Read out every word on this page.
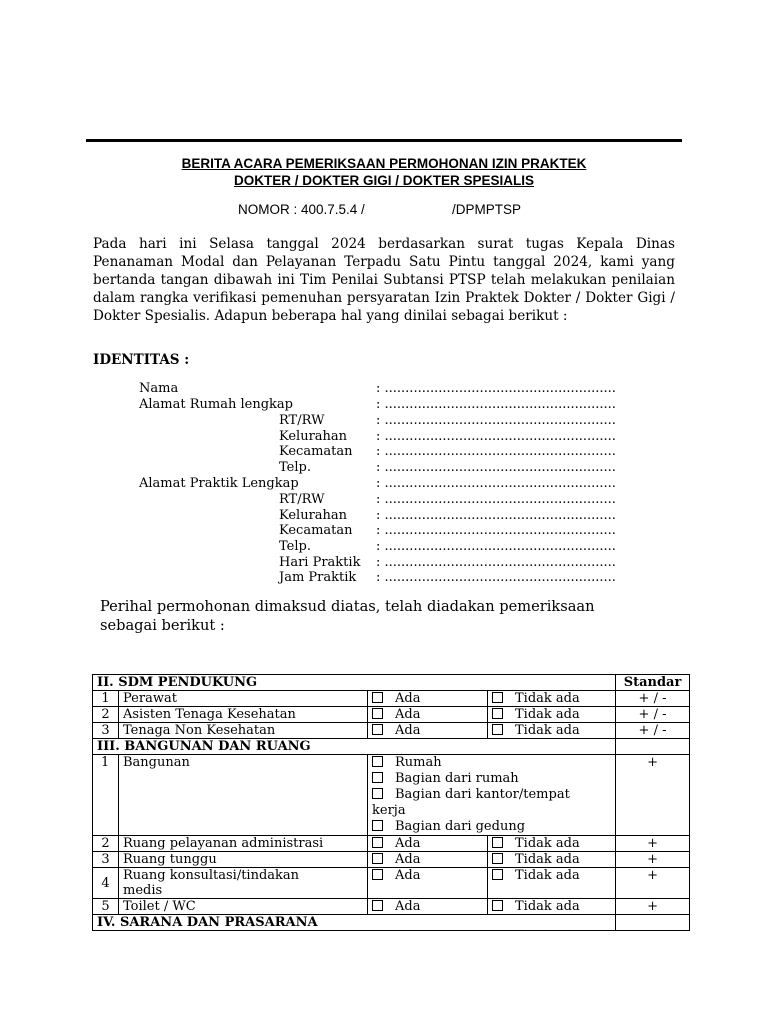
BERITA ACARA PEMERIKSAAN PERMOHONAN IZIN PRAKTEK
DOKTER / DOKTER GIGI / DOKTER SPESIALIS
NOMOR : 400.7.5.4 /	/DPMPTSP
Pada hari ini Selasa tanggal 2024 berdasarkan surat tugas Kepala Dinas Penanaman Modal dan Pelayanan Terpadu Satu Pintu tanggal 2024, kami yang bertanda tangan dibawah ini Tim Penilai Subtansi PTSP telah melakukan penilaian dalam rangka verifikasi pemenuhan persyaratan Izin Praktek Dokter / Dokter Gigi / Dokter Spesialis. Adapun beberapa hal yang dinilai sebagai berikut :
IDENTITAS :
Nama	: ........................................................
Alamat Rumah lengkap	: ........................................................
RT/RW	: ........................................................
Kelurahan : ........................................................
Kecamatan : ........................................................
Telp.	: ........................................................
Alamat Praktik Lengkap	: ........................................................
RT/RW	: ........................................................
Kelurahan : ........................................................
Kecamatan : ........................................................
Telp.	: ........................................................
Hari Praktik : ........................................................
Jam Praktik : ........................................................
Perihal permohonan dimaksud diatas, telah diadakan pemeriksaan sebagai berikut :
II. SDM PENDUKUNG				Standar
1	Perawat	Ada	Tidak ada	+ / -
2	Asisten Tenaga Kesehatan	Ada	Tidak ada	+ / -
3	Tenaga Non Kesehatan	Ada	Tidak ada	+ / -
III. BANGUNAN DAN RUANG				
1	Bangunan	Rumah
Bagian dari rumah
Bagian dari kantor/tempat kerja
Bagian dari gedung		+
2	Ruang pelayanan administrasi	Ada	Tidak ada	+
3	Ruang tunggu	Ada	Tidak ada	+
4	Ruang konsultasi/tindakan medis	Ada	Tidak ada	+
5	Toilet / WC	Ada	Tidak ada	+
IV. SARANA DAN PRASARANA				
